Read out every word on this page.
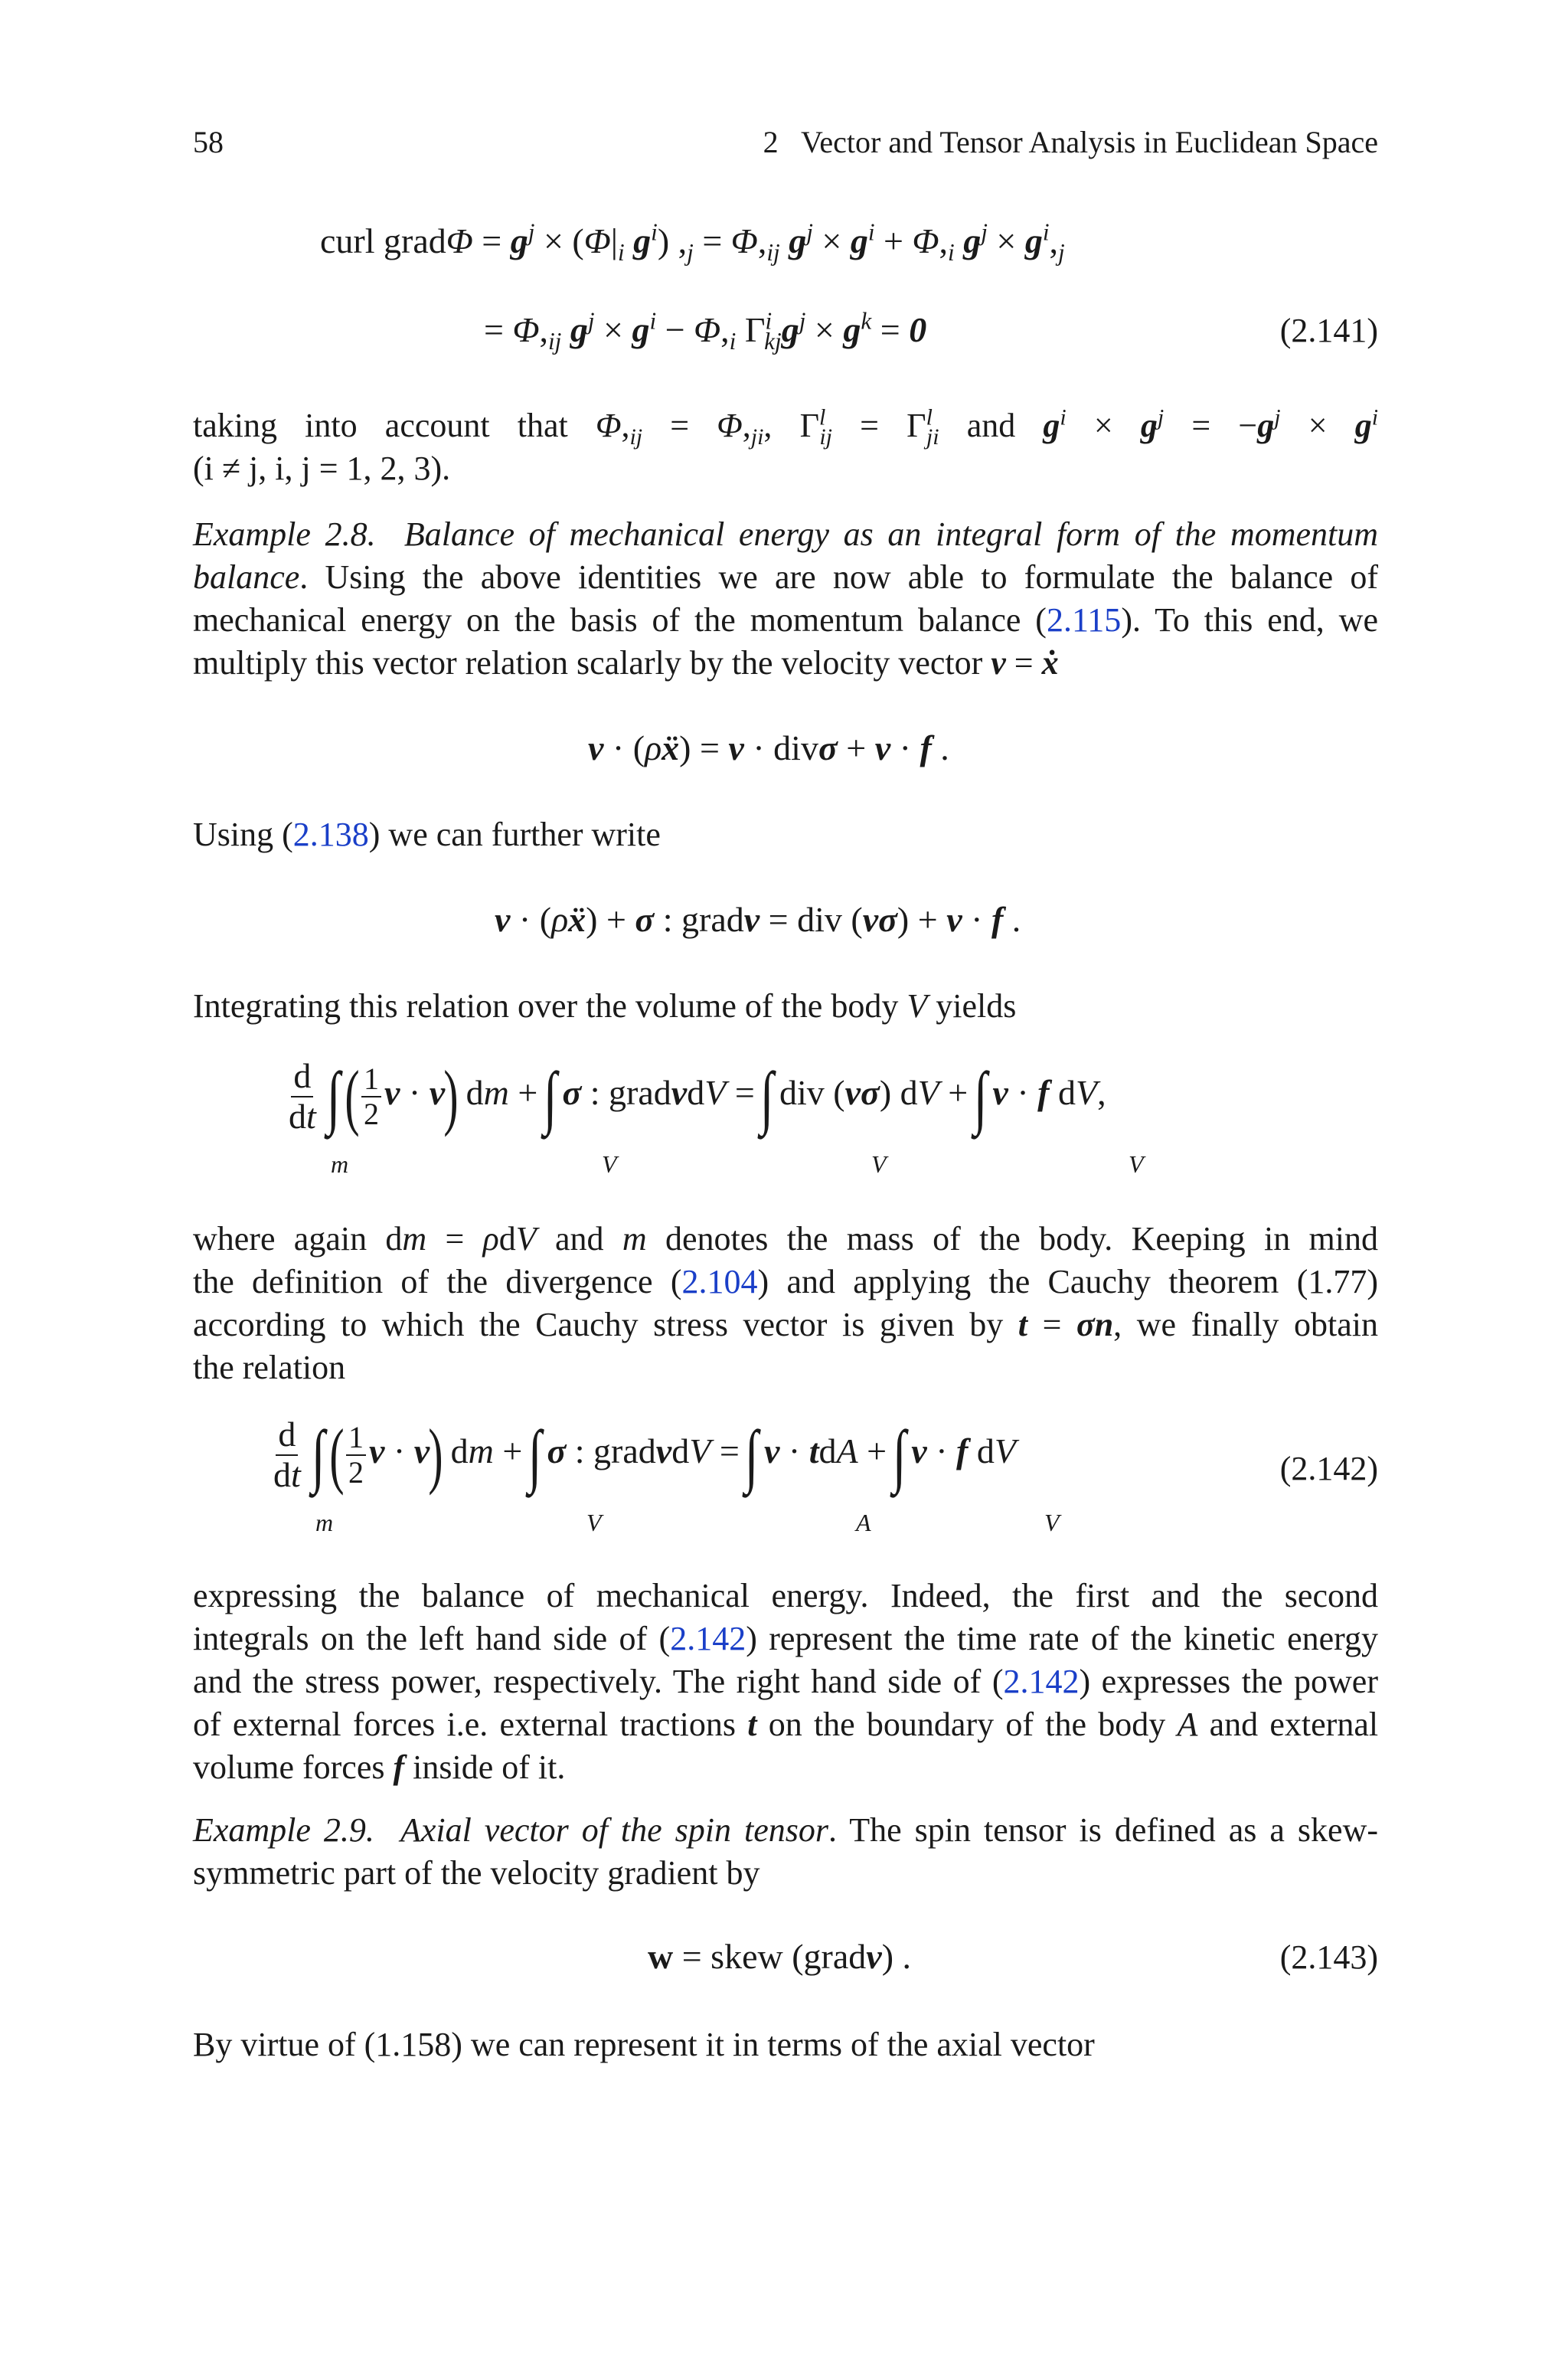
58	2   Vector and Tensor Analysis in Euclidean Space
curl gradΦ = $g^j \times (\Phi|_i$ $g^i$) $,_j = \Phi,_{ij}$ $g^j \times g^i + \Phi,_i$ $g^j \times g^i,_j$
= $\Phi,_{ij}$ $g^j \times g^i - \Phi,_i$ $\Gamma^i_{kj}g^j \times g^k = 0$	(2.141)
taking into account that $\Phi,_{ij} = \Phi,_{ji}$, $\Gamma^l_{ij} = \Gamma^l_{ji}$ and $g^i \times g^j = -g^j \times g^i$
(i ≠ j, i, j = 1, 2, 3).
Example 2.8. Balance of mechanical energy as an integral form of the momentum
balance. Using the above identities we are now able to formulate the balance of
mechanical energy on the basis of the momentum balance (2.115). To this end, we
multiply this vector relation scalarly by the velocity vector v = ẋ
v · (ρẍ) = v · divσ + v · f .
Using (2.138) we can further write
v · (ρẍ) + σ : gradv = div (vσ) + v · f .
Integrating this relation over the volume of the body V yields
$\frac{d}{dt}$ ∫ ( $\frac{1}{2}$ v · v) dm + ∫ σ : gradvdV = ∫ div (vσ) dV + ∫ v · f dV,
m	V	V	V
where again dm = ρdV and m denotes the mass of the body. Keeping in mind
the definition of the divergence (2.104) and applying the Cauchy theorem (1.77)
according to which the Cauchy stress vector is given by t = σn, we finally obtain
the relation
$\frac{d}{dt}$ ∫ ( $\frac{1}{2}$ v · v) dm + ∫ σ : gradvdV = ∫ v · tdA + ∫ v · f dV	(2.142)
m	V	A	V
expressing the balance of mechanical energy. Indeed, the first and the second
integrals on the left hand side of (2.142) represent the time rate of the kinetic energy
and the stress power, respectively. The right hand side of (2.142) expresses the power
of external forces i.e. external tractions t on the boundary of the body A and external
volume forces f inside of it.
Example 2.9. Axial vector of the spin tensor. The spin tensor is defined as a skew-
symmetric part of the velocity gradient by
w = skew (gradv) .	(2.143)
By virtue of (1.158) we can represent it in terms of the axial vector
